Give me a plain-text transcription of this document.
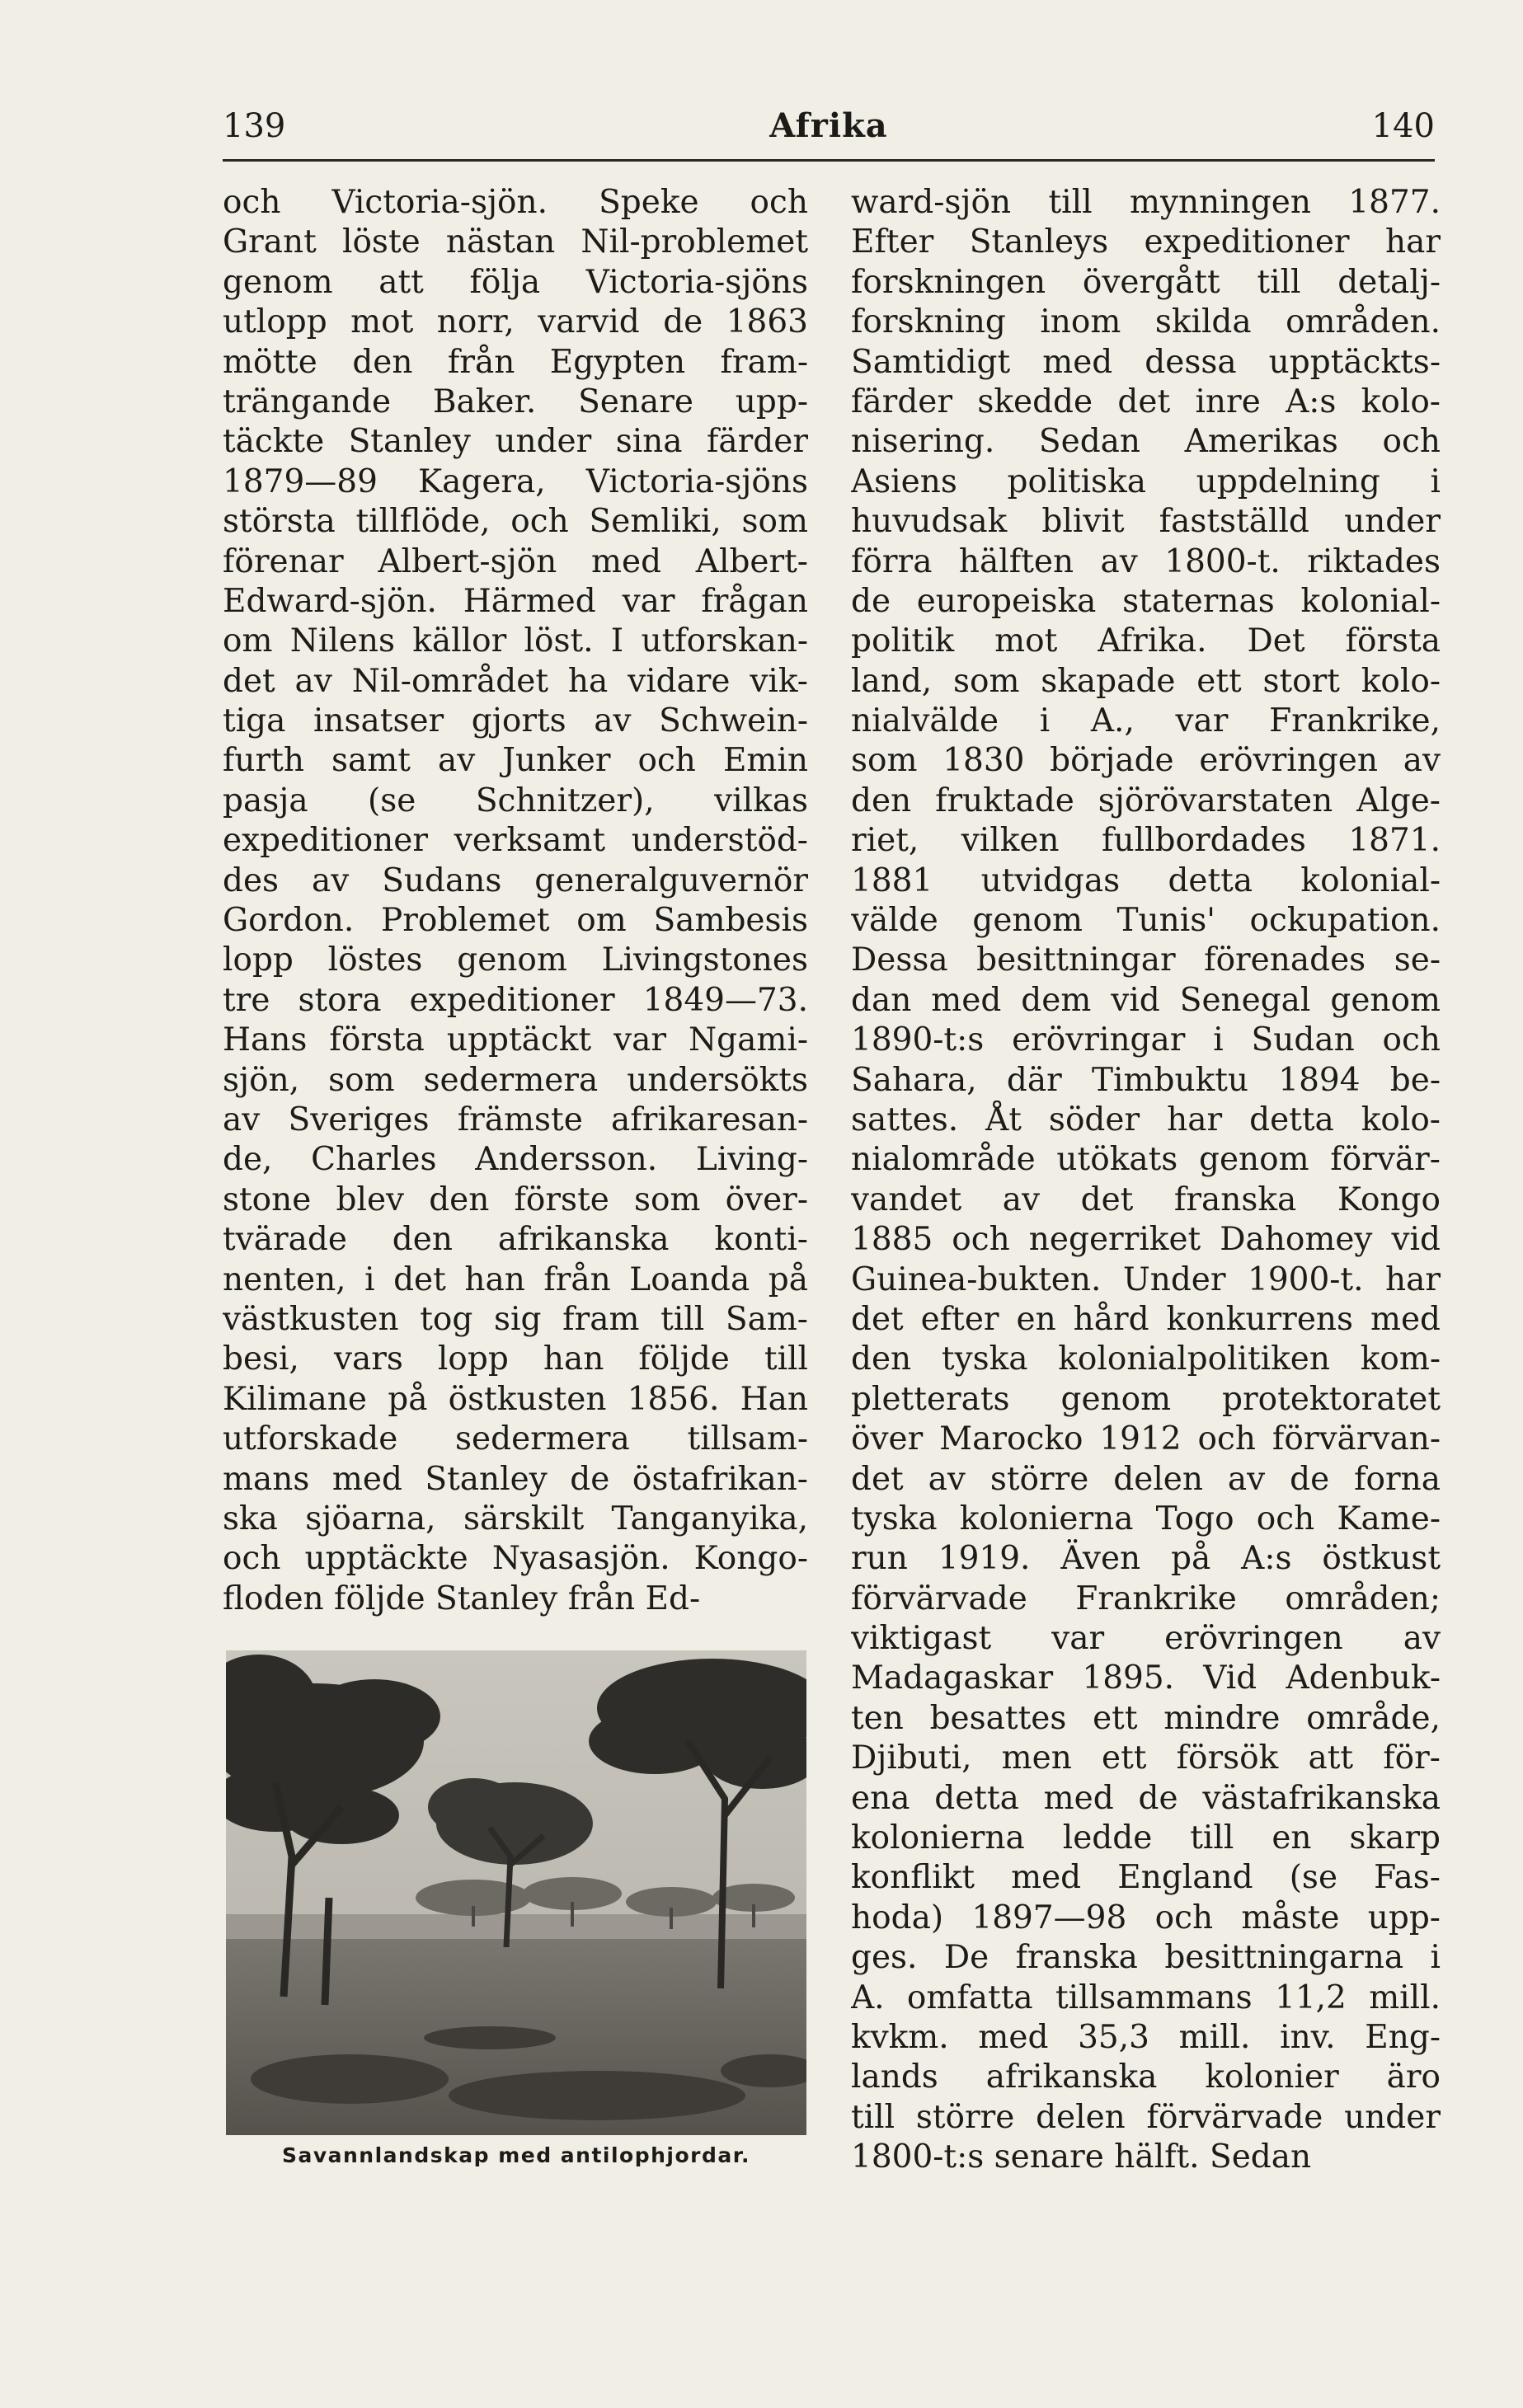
139	Afrika	140
och Victoria-sjön. Speke och
Grant löste nästan Nil-problemet
genom att följa Victoria-sjöns
utlopp mot norr, varvid de 1863
mötte den från Egypten fram-
trängande Baker. Senare upp-
täckte Stanley under sina färder
1879—89 Kagera, Victoria-sjöns
största tillflöde, och Semliki, som
förenar Albert-sjön med Albert-
Edward-sjön. Härmed var frågan
om Nilens källor löst. I utforskan-
det av Nil-området ha vidare vik-
tiga insatser gjorts av Schwein-
furth samt av Junker och Emin
pasja (se Schnitzer), vilkas
expeditioner verksamt understöd-
des av Sudans generalguvernör
Gordon. Problemet om Sambesis
lopp löstes genom Livingstones
tre stora expeditioner 1849—73.
Hans första upptäckt var Ngami-
sjön, som sedermera undersökts
av Sveriges främste afrikaresan-
de, Charles Andersson. Living-
stone blev den förste som över-
tvärade den afrikanska konti-
nenten, i det han från Loanda på
västkusten tog sig fram till Sam-
besi, vars lopp han följde till
Kilimane på östkusten 1856. Han
utforskade sedermera tillsam-
mans med Stanley de östafrikan-
ska sjöarna, särskilt Tanganyika,
och upptäckte Nyasasjön. Kongo-
floden följde Stanley från Ed-
ward-sjön till mynningen 1877.
Efter Stanleys expeditioner har
forskningen övergått till detalj-
forskning inom skilda områden.
Samtidigt med dessa upptäckts-
färder skedde det inre A:s kolo-
nisering. Sedan Amerikas och
Asiens politiska uppdelning i
huvudsak blivit fastställd under
förra hälften av 1800-t. riktades
de europeiska staternas kolonial-
politik mot Afrika. Det första
land, som skapade ett stort kolo-
nialvälde i A., var Frankrike,
som 1830 började erövringen av
den fruktade sjörövarstaten Alge-
riet, vilken fullbordades 1871.
1881 utvidgas detta kolonial-
välde genom Tunis' ockupation.
Dessa besittningar förenades se-
dan med dem vid Senegal genom
1890-t:s erövringar i Sudan och
Sahara, där Timbuktu 1894 be-
sattes. Åt söder har detta kolo-
nialområde utökats genom förvär-
vandet av det franska Kongo
1885 och negerriket Dahomey vid
Guinea-bukten. Under 1900-t. har
det efter en hård konkurrens med
den tyska kolonialpolitiken kom-
pletterats genom protektoratet
över Marocko 1912 och förvärvan-
det av större delen av de forna
tyska kolonierna Togo och Kame-
run 1919. Även på A:s östkust
förvärvade Frankrike områden;
viktigast var erövringen av
Madagaskar 1895. Vid Adenbuk-
ten besattes ett mindre område,
Djibuti, men ett försök att för-
ena detta med de västafrikanska
kolonierna ledde till en skarp
konflikt med England (se Fas-
hoda) 1897—98 och måste upp-
ges. De franska besittningarna i
A. omfatta tillsammans 11,2 mill.
kvkm. med 35,3 mill. inv. Eng-
lands afrikanska kolonier äro
till större delen förvärvade under
1800-t:s senare hälft. Sedan
Savannlandskap med antilophjordar.
